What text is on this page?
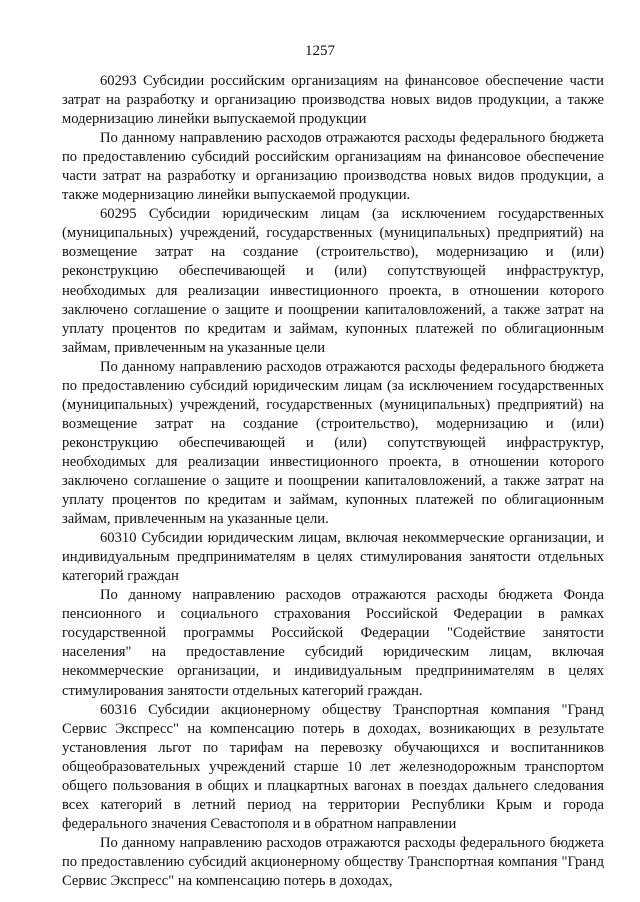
1257

60293 Субсидии российским организациям на финансовое обеспечение части затрат на разработку и организацию производства новых видов продукции, а также модернизацию линейки выпускаемой продукции

По данному направлению расходов отражаются расходы федерального бюджета по предоставлению субсидий российским организациям на финансовое обеспечение части затрат на разработку и организацию производства новых видов продукции, а также модернизацию линейки выпускаемой продукции.

60295 Субсидии юридическим лицам (за исключением государственных (муниципальных) учреждений, государственных (муниципальных) предприятий) на возмещение затрат на создание (строительство), модернизацию и (или) реконструкцию обеспечивающей и (или) сопутствующей инфраструктур, необходимых для реализации инвестиционного проекта, в отношении которого заключено соглашение о защите и поощрении капиталовложений, а также затрат на уплату процентов по кредитам и займам, купонных платежей по облигационным займам, привлеченным на указанные цели

По данному направлению расходов отражаются расходы федерального бюджета по предоставлению субсидий юридическим лицам (за исключением государственных (муниципальных) учреждений, государственных (муниципальных) предприятий) на возмещение затрат на создание (строительство), модернизацию и (или) реконструкцию обеспечивающей и (или) сопутствующей инфраструктур, необходимых для реализации инвестиционного проекта, в отношении которого заключено соглашение о защите и поощрении капиталовложений, а также затрат на уплату процентов по кредитам и займам, купонных платежей по облигационным займам, привлеченным на указанные цели.

60310 Субсидии юридическим лицам, включая некоммерческие организации, и индивидуальным предпринимателям в целях стимулирования занятости отдельных категорий граждан

По данному направлению расходов отражаются расходы бюджета Фонда пенсионного и социального страхования Российской Федерации в рамках государственной программы Российской Федерации "Содействие занятости населения" на предоставление субсидий юридическим лицам, включая некоммерческие организации, и индивидуальным предпринимателям в целях стимулирования занятости отдельных категорий граждан.

60316 Субсидии акционерному обществу Транспортная компания "Гранд Сервис Экспресс" на компенсацию потерь в доходах, возникающих в результате установления льгот по тарифам на перевозку обучающихся и воспитанников общеобразовательных учреждений старше 10 лет железнодорожным транспортом общего пользования в общих и плацкартных вагонах в поездах дальнего следования всех категорий в летний период на территории Республики Крым и города федерального значения Севастополя и в обратном направлении

По данному направлению расходов отражаются расходы федерального бюджета по предоставлению субсидий акционерному обществу Транспортная компания "Гранд Сервис Экспресс" на компенсацию потерь в доходах,
